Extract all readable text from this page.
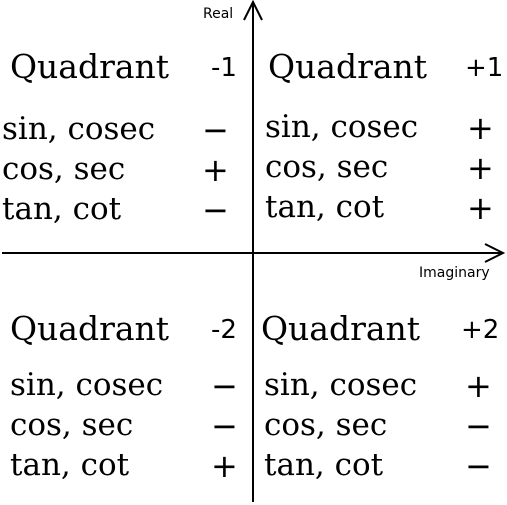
Real
Imaginary
Quadrant -1
sin, cosec −
cos, sec +
tan, cot	−
Quadrant +1
sin, cosec +
cos, sec +
tan, cot	+
Quadrant -2
sin, cosec −
cos, sec −
tan, cot	+
Quadrant +2
sin, cosec +
cos, sec −
tan, cot	−
